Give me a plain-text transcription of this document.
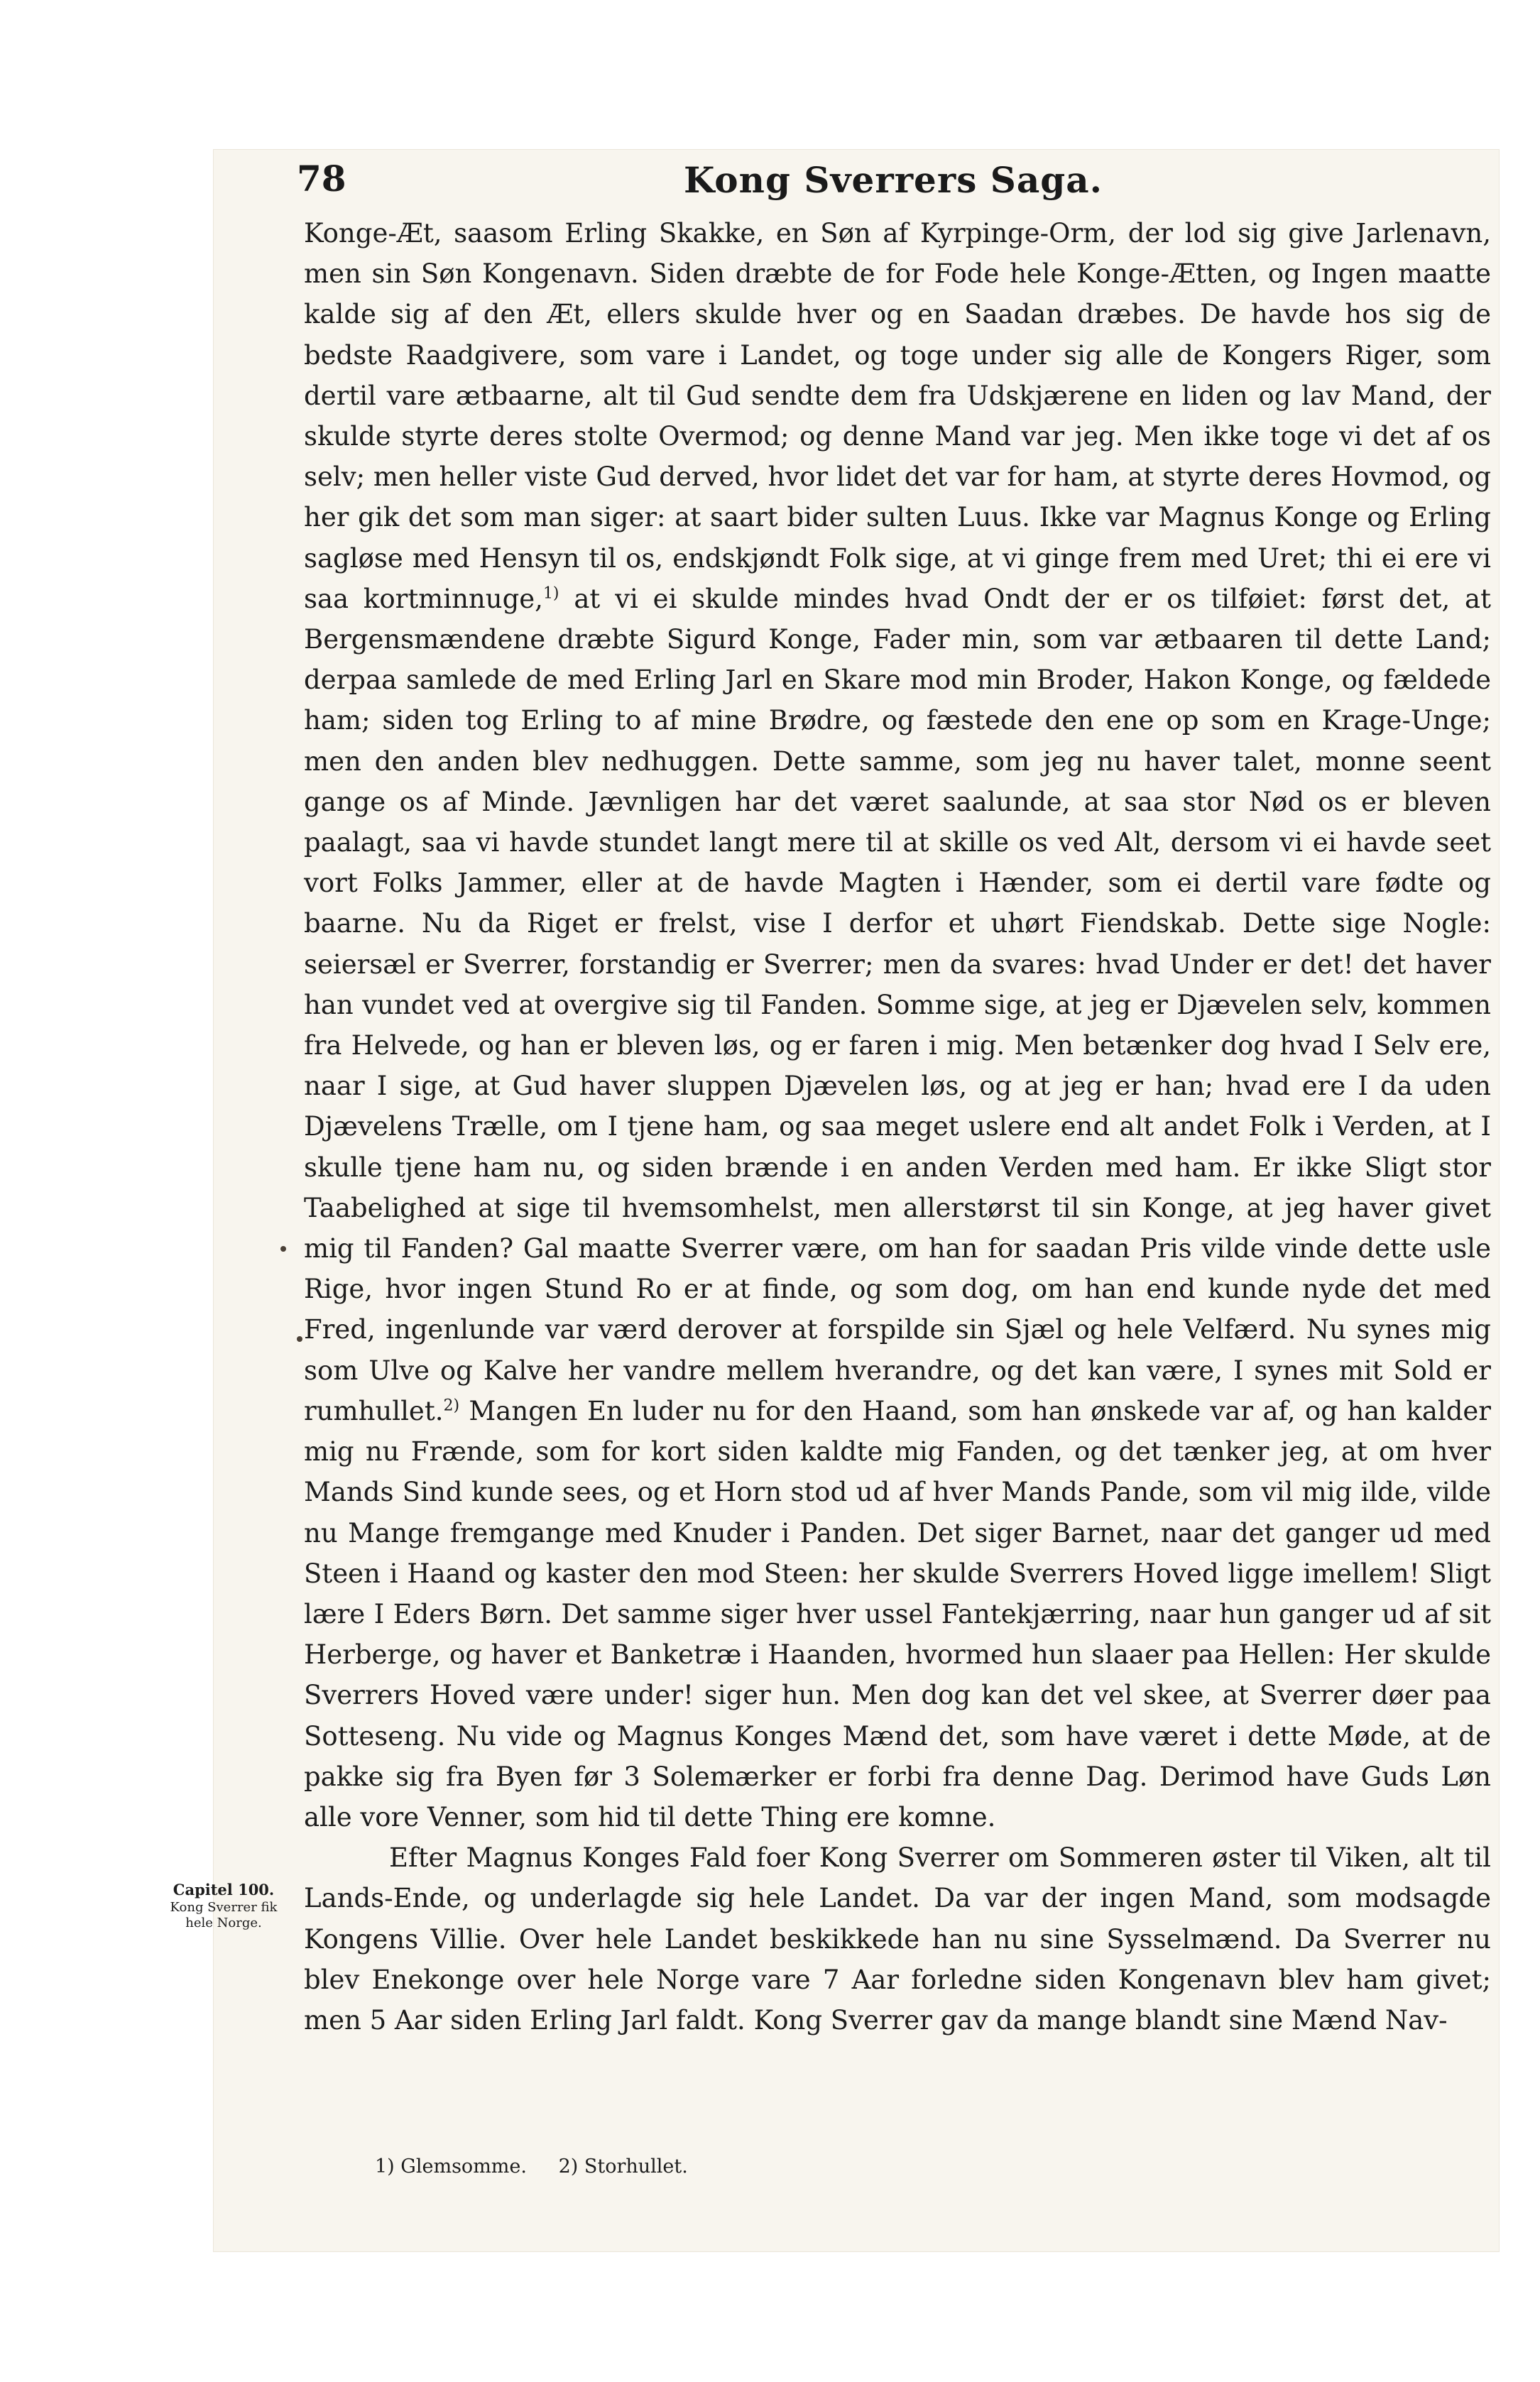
78	Kong Sverrers Saga.

Konge-Æt, saasom Erling Skakke, en Søn af Kyrpinge-Orm, der lod sig give Jarlenavn, men sin Søn Kongenavn. Siden dræbte de for Fode hele Konge-Ætten, og Ingen maatte kalde sig af den Æt, ellers skulde hver og en Saadan dræbes. De havde hos sig de bedste Raadgivere, som vare i Landet, og toge under sig alle de Kongers Riger, som dertil vare ætbaarne, alt til Gud sendte dem fra Udskjærene en liden og lav Mand, der skulde styrte deres stolte Overmod; og denne Mand var jeg. Men ikke toge vi det af os selv; men heller viste Gud derved, hvor lidet det var for ham, at styrte deres Hovmod, og her gik det som man siger: at saart bider sulten Luus. Ikke var Magnus Konge og Erling sagløse med Hensyn til os, endskjøndt Folk sige, at vi ginge frem med Uret; thi ei ere vi saa kortminnuge,$^{1)}$ at vi ei skulde mindes hvad Ondt der er os tilføiet: først det, at Bergensmændene dræbte Sigurd Konge, Fader min, som var ætbaaren til dette Land; derpaa samlede de med Erling Jarl en Skare mod min Broder, Hakon Konge, og fældede ham; siden tog Erling to af mine Brødre, og fæstede den ene op som en Krage-Unge; men den anden blev nedhuggen. Dette samme, som jeg nu haver talet, monne seent gange os af Minde. Jævnligen har det været saalunde, at saa stor Nød os er bleven paalagt, saa vi havde stundet langt mere til at skille os ved Alt, dersom vi ei havde seet vort Folks Jammer, eller at de havde Magten i Hænder, som ei dertil vare fødte og baarne. Nu da Riget er frelst, vise I derfor et uhørt Fiendskab. Dette sige Nogle: seiersæl er Sverrer, forstandig er Sverrer; men da svares: hvad Under er det! det haver han vundet ved at overgive sig til Fanden. Somme sige, at jeg er Djævelen selv, kommen fra Helvede, og han er bleven løs, og er faren i mig. Men betænker dog hvad I Selv ere, naar I sige, at Gud haver sluppen Djævelen løs, og at jeg er han; hvad ere I da uden Djævelens Trælle, om I tjene ham, og saa meget uslere end alt andet Folk i Verden, at I skulle tjene ham nu, og siden brænde i en anden Verden med ham. Er ikke Sligt stor Taabelighed at sige til hvemsomhelst, men allerstørst til sin Konge, at jeg haver givet mig til Fanden? Gal maatte Sverrer være, om han for saadan Pris vilde vinde dette usle Rige, hvor ingen Stund Ro er at finde, og som dog, om han end kunde nyde det med Fred, ingenlunde var værd derover at forspilde sin Sjæl og hele Velfærd. Nu synes mig som Ulve og Kalve her vandre mellem hverandre, og det kan være, I synes mit Sold er rumhullet.$^{2)}$ Mangen En luder nu for den Haand, som han ønskede var af, og han kalder mig nu Frænde, som for kort siden kaldte mig Fanden, og det tænker jeg, at om hver Mands Sind kunde sees, og et Horn stod ud af hver Mands Pande, som vil mig ilde, vilde nu Mange fremgange med Knuder i Panden. Det siger Barnet, naar det ganger ud med Steen i Haand og kaster den mod Steen: her skulde Sverrers Hoved ligge imellem! Sligt lære I Eders Børn. Det samme siger hver ussel Fantekjærring, naar hun ganger ud af sit Herberge, og haver et Banketræ i Haanden, hvormed hun slaaer paa Hellen: Her skulde Sverrers Hoved være under! siger hun. Men dog kan det vel skee, at Sverrer døer paa Sotteseng. Nu vide og Magnus Konges Mænd det, som have været i dette Møde, at de pakke sig fra Byen før 3 Solemærker er forbi fra denne Dag. Derimod have Guds Løn alle vore Venner, som hid til dette Thing ere komne.

Efter Magnus Konges Fald foer Kong Sverrer om Sommeren øster til Viken, alt til Lands-Ende, og underlagde sig hele Landet. Da var der ingen Mand, som modsagde Kongens Villie. Over hele Landet beskikkede han nu sine Sysselmænd. Da Sverrer nu blev Enekonge over hele Norge vare 7 Aar forledne siden Kongenavn blev ham givet; men 5 Aar siden Erling Jarl faldt. Kong Sverrer gav da mange blandt sine Mænd Nav-

Capitel 100.
Kong Sverrer fik
hele Norge.
1) Glemsomme. 2) Storhullet.
